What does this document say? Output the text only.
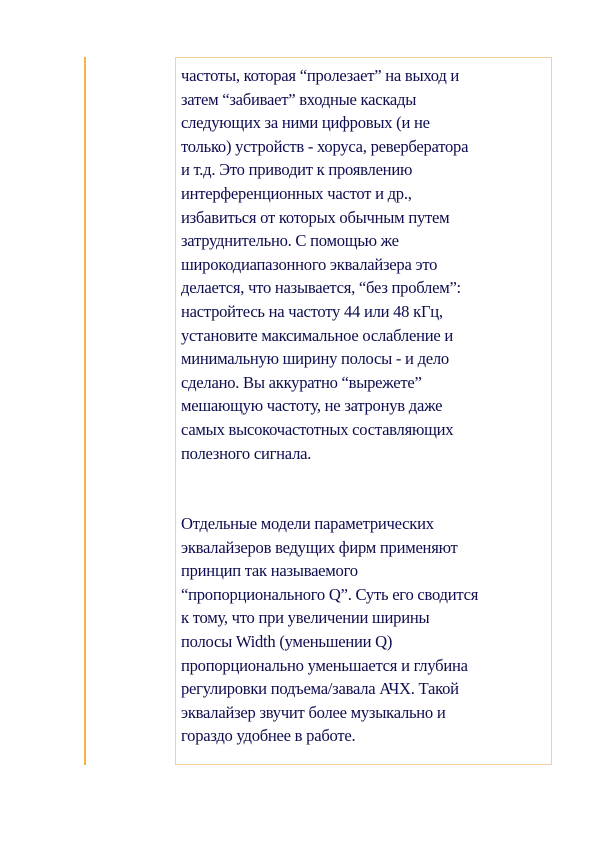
частоты, которая “пролезает” на выход и
затем “забивает” входные каскады
следующих за ними цифровых (и не
только) устройств - хоруса, ревербератора
и т.д. Это приводит к проявлению
интерференционных частот и др.,
избавиться от которых обычным путем
затруднительно. С помощью же
широкодиапазонного эквалайзера это
делается, что называется, “без проблем”:
настройтесь на частоту 44 или 48 кГц,
установите максимальное ослабление и
минимальную ширину полосы - и дело
сделано. Вы аккуратно “вырежете”
мешающую частоту, не затронув даже
самых высокочастотных составляющих
полезного сигнала.

Отдельные модели параметрических
эквалайзеров ведущих фирм применяют
принцип так называемого
“пропорционального Q”. Суть его сводится
к тому, что при увеличении ширины
полосы Width (уменьшении Q)
пропорционально уменьшается и глубина
регулировки подъема/завала АЧХ. Такой
эквалайзер звучит более музыкально и
гораздо удобнее в работе.
